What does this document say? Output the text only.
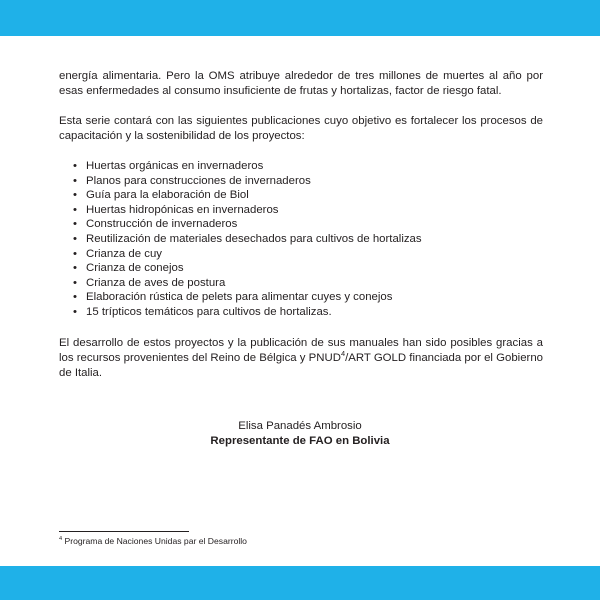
energía alimentaria. Pero la OMS atribuye alrededor de tres millones de muertes al año por esas enfermedades al consumo insuficiente de frutas y hortalizas, factor de riesgo fatal.

Esta serie contará con las siguientes publicaciones cuyo objetivo es fortalecer los procesos de capacitación y la sostenibilidad de los proyectos:

• Huertas orgánicas en invernaderos
• Planos para construcciones de invernaderos
• Guía para la elaboración de Biol
• Huertas hidropónicas en invernaderos
• Construcción de invernaderos
• Reutilización de materiales desechados para cultivos de hortalizas
• Crianza de cuy
• Crianza de conejos
• Crianza de aves de postura
• Elaboración rústica de pelets para alimentar cuyes y conejos
• 15 trípticos temáticos para cultivos de hortalizas.

El desarrollo de estos proyectos y la publicación de sus manuales han sido posibles gracias a los recursos provenientes del Reino de Bélgica y PNUD$^4$/ART GOLD financiada por el Gobierno de Italia.

Elisa Panadés Ambrosio
Representante de FAO en Bolivia
$^4$ Programa de Naciones Unidas par el Desarrollo
